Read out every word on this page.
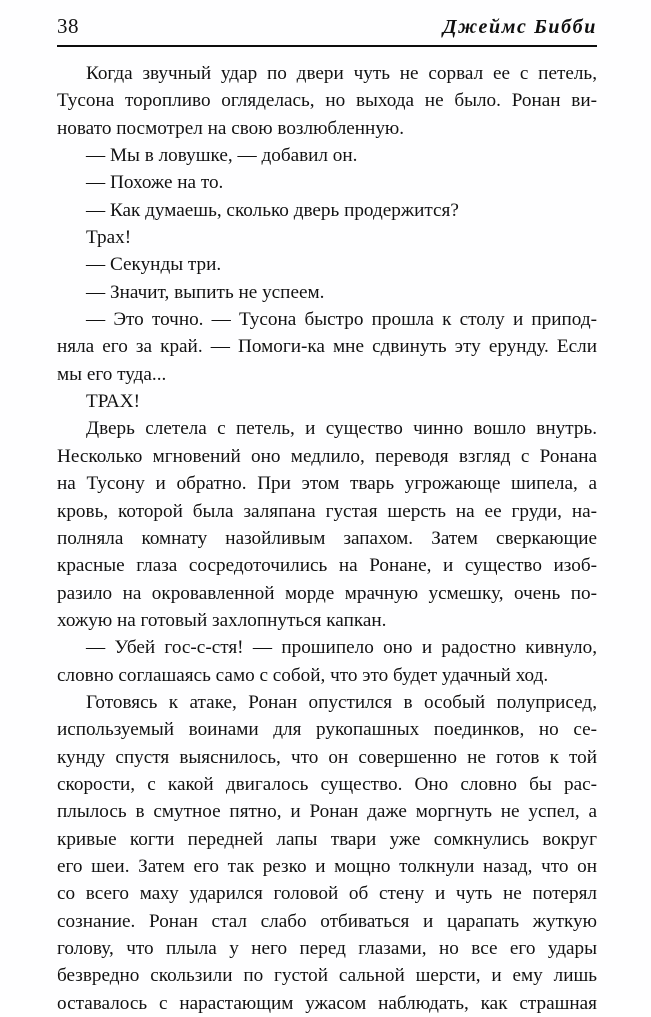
38	Джеймс Бибби
Когда звучный удар по двери чуть не сорвал ее с петель,
Тусона торопливо огляделась, но выхода не было. Ронан ви-
новато посмотрел на свою возлюбленную.
— Мы в ловушке, — добавил он.
— Похоже на то.
— Как думаешь, сколько дверь продержится?
Трах!
— Секунды три.
— Значит, выпить не успеем.
— Это точно. — Тусона быстро прошла к столу и припод-
няла его за край. — Помоги-ка мне сдвинуть эту ерунду. Если
мы его туда...
ТРАХ!
Дверь слетела с петель, и существо чинно вошло внутрь.
Несколько мгновений оно медлило, переводя взгляд с Ронана
на Тусону и обратно. При этом тварь угрожающе шипела, а
кровь, которой была заляпана густая шерсть на ее груди, на-
полняла комнату назойливым запахом. Затем сверкающие
красные глаза сосредоточились на Ронане, и существо изоб-
разило на окровавленной морде мрачную усмешку, очень по-
хожую на готовый захлопнуться капкан.
— Убей гос-с-стя! — прошипело оно и радостно кивнуло,
словно соглашаясь само с собой, что это будет удачный ход.
Готовясь к атаке, Ронан опустился в особый полуприсед,
используемый воинами для рукопашных поединков, но се-
кунду спустя выяснилось, что он совершенно не готов к той
скорости, с какой двигалось существо. Оно словно бы рас-
плылось в смутное пятно, и Ронан даже моргнуть не успел, а
кривые когти передней лапы твари уже сомкнулись вокруг
его шеи. Затем его так резко и мощно толкнули назад, что он
со всего маху ударился головой об стену и чуть не потерял
сознание. Ронан стал слабо отбиваться и царапать жуткую
голову, что плыла у него перед глазами, но все его удары
безвредно скользили по густой сальной шерсти, и ему лишь
оставалось с нарастающим ужасом наблюдать, как страшная
